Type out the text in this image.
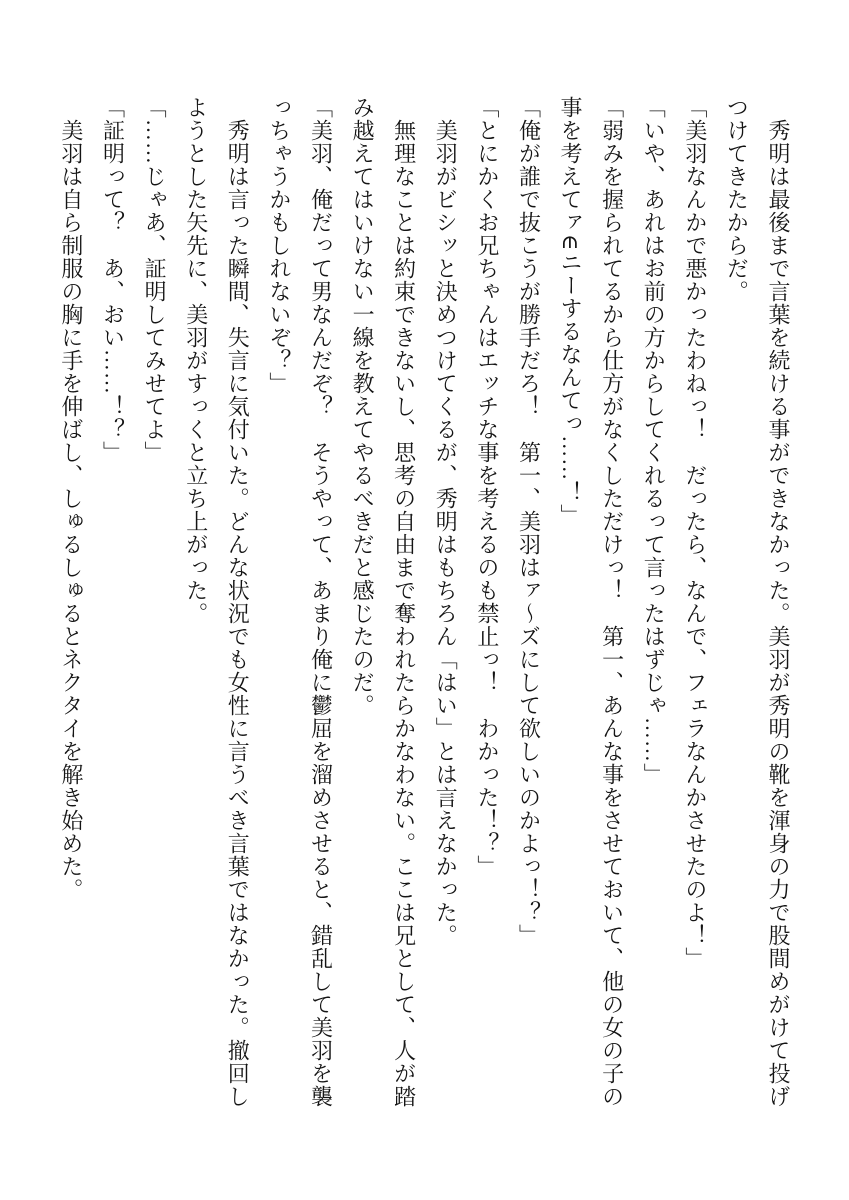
秀明は最後まで言葉を続ける事ができなかった。美羽が秀明の靴を渾身の力で股間めがけて投げつけてきたからだ。

「美羽なんかで悪かったわねっ！　だったら、なんで、フェラなんかさせたのよ！」

「いや、あれはお前の方からしてくれるって言ったはずじゃ……」

「弱みを握られてるから仕方がなくしただけっ！　第一、あんな事をさせておいて、他の女の子の事を考えてァ∈ニーするなんてっ……！」

「俺が誰で抜こうが勝手だろ！　第一、美羽はァ～ズにして欲しいのかよっ！？」

「とにかくお兄ちゃんはエッチな事を考えるのも禁止っ！　わかった！？」

美羽がビシッと決めつけてくるが、秀明はもちろん「はい」とは言えなかった。

無理なことは約束できないし、思考の自由まで奪われたらかなわない。ここは兄として、人が踏み越えてはいけない一線を教えてやるべきだと感じたのだ。

「美羽、俺だって男なんだぞ？　そうやって、あまり俺に鬱屈を溜めさせると、錯乱して美羽を襲っちゃうかもしれないぞ？」

秀明は言った瞬間、失言に気付いた。どんな状況でも女性に言うべき言葉ではなかった。撤回しようとした矢先に、美羽がすっくと立ち上がった。

「……じゃあ、証明してみせてよ」

「証明って？　あ、おい……！？」

美羽は自ら制服の胸に手を伸ばし、しゅるしゅるとネクタイを解き始めた。
